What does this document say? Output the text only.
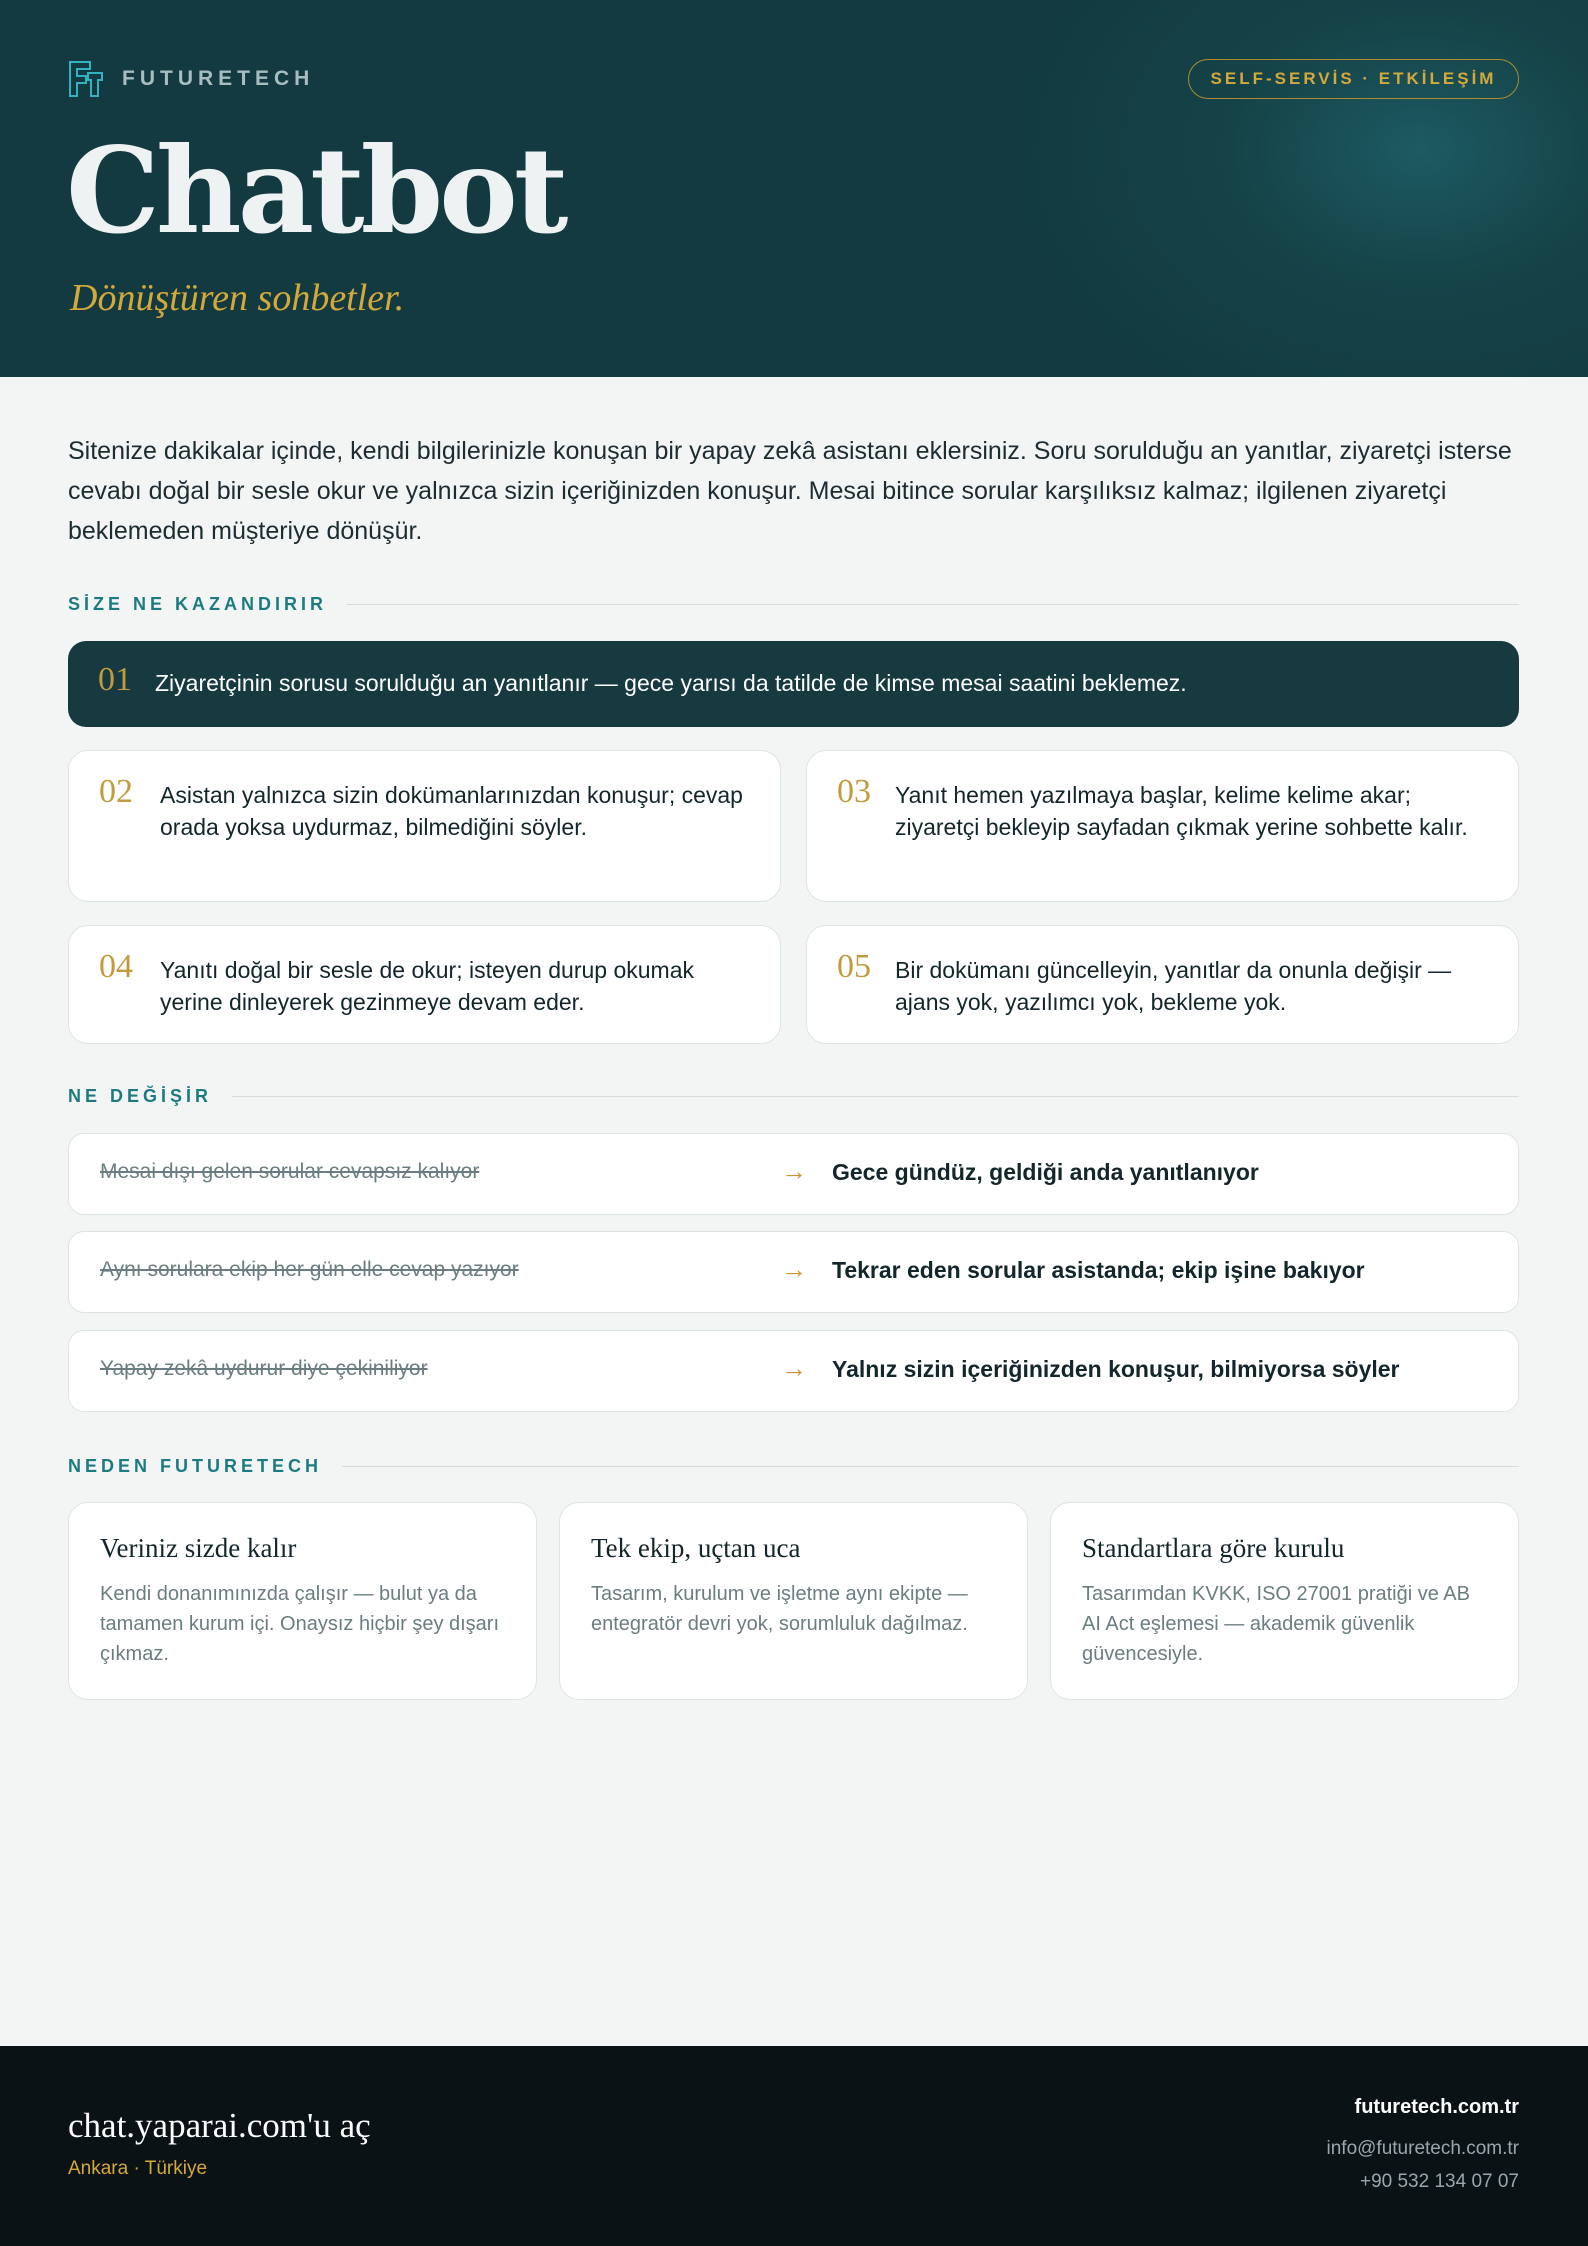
FUTURETECH	SELF-SERVİS · ETKİLEŞİM
Chatbot
Dönüştüren sohbetler.

Sitenize dakikalar içinde, kendi bilgilerinizle konuşan bir yapay zekâ asistanı eklersiniz. Soru sorulduğu an yanıtlar, ziyaretçi isterse cevabı doğal bir sesle okur ve yalnızca sizin içeriğinizden konuşur. Mesai bitince sorular karşılıksız kalmaz; ilgilenen ziyaretçi beklemeden müşteriye dönüşür.

SİZE NE KAZANDIRIR
01 Ziyaretçinin sorusu sorulduğu an yanıtlanır — gece yarısı da tatilde de kimse mesai saatini beklemez.
02 Asistan yalnızca sizin dokümanlarınızdan konuşur; cevap orada yoksa uydurmaz, bilmediğini söyler.
03 Yanıt hemen yazılmaya başlar, kelime kelime akar; ziyaretçi bekleyip sayfadan çıkmak yerine sohbette kalır.
04 Yanıtı doğal bir sesle de okur; isteyen durup okumak yerine dinleyerek gezinmeye devam eder.
05 Bir dokümanı güncelleyin, yanıtlar da onunla değişir — ajans yok, yazılımcı yok, bekleme yok.
NE DEĞİŞİR
Mesai dışı gelen sorular cevapsız kalıyor	→ Gece gündüz, geldiği anda yanıtlanıyor
Aynı sorulara ekip her gün elle cevap yazıyor	→ Tekrar eden sorular asistanda; ekip işine bakıyor
Yapay zekâ uydurur diye çekiniliyor	→ Yalnız sizin içeriğinizden konuşur, bilmiyorsa söyler
NEDEN FUTURETECH
Veriniz sizde kalır
Kendi donanımınızda çalışır — bulut ya da tamamen kurum içi. Onaysız hiçbir şey dışarı çıkmaz.
Tek ekip, uçtan uca
Tasarım, kurulum ve işletme aynı ekipte — entegratör devri yok, sorumluluk dağılmaz.
Standartlara göre kurulu
Tasarımdan KVKK, ISO 27001 pratiği ve AB AI Act eşlemesi — akademik güvenlik güvencesiyle.
chat.yaparai.com'u aç
Ankara · Türkiye
futuretech.com.tr
info@futuretech.com.tr
+90 532 134 07 07
